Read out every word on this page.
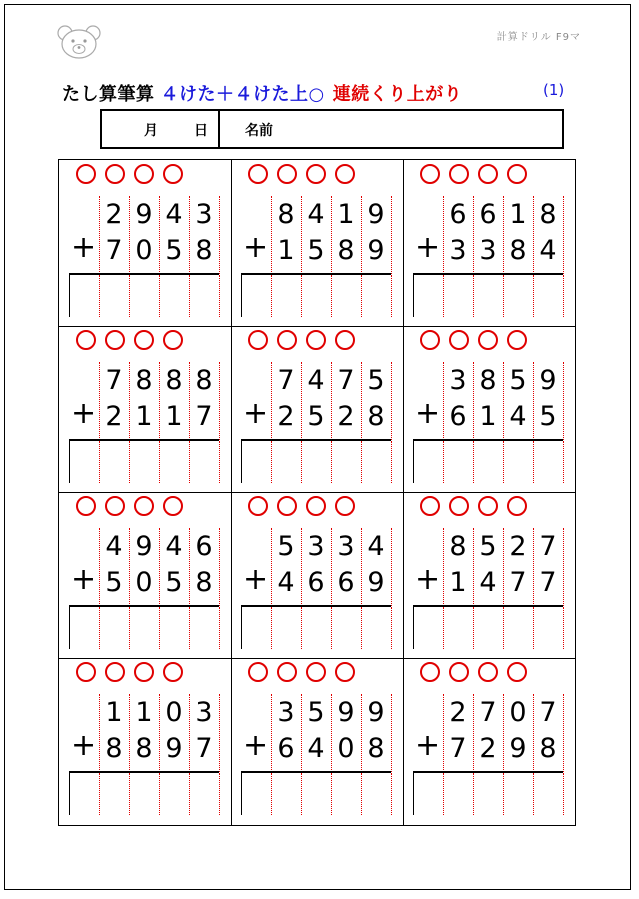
計算ドリル F9マ
たし算筆算 ４けた＋４けた上○ 連続くり上がり	(1)
月	日	名前
2 9 4 3
7 0 5 8
+
8 4 1 9
1 5 8 9
+
6 6 1 8
3 3 8 4
+
7 8 8 8
2 1 1 7
+
7 4 7 5
2 5 2 8
+
3 8 5 9
6 1 4 5
+
4 9 4 6
5 0 5 8
+
5 3 3 4
4 6 6 9
+
8 5 2 7
1 4 7 7
+
1 1 0 3
8 8 9 7
+
3 5 9 9
6 4 0 8
+
2 7 0 7
7 2 9 8
+
